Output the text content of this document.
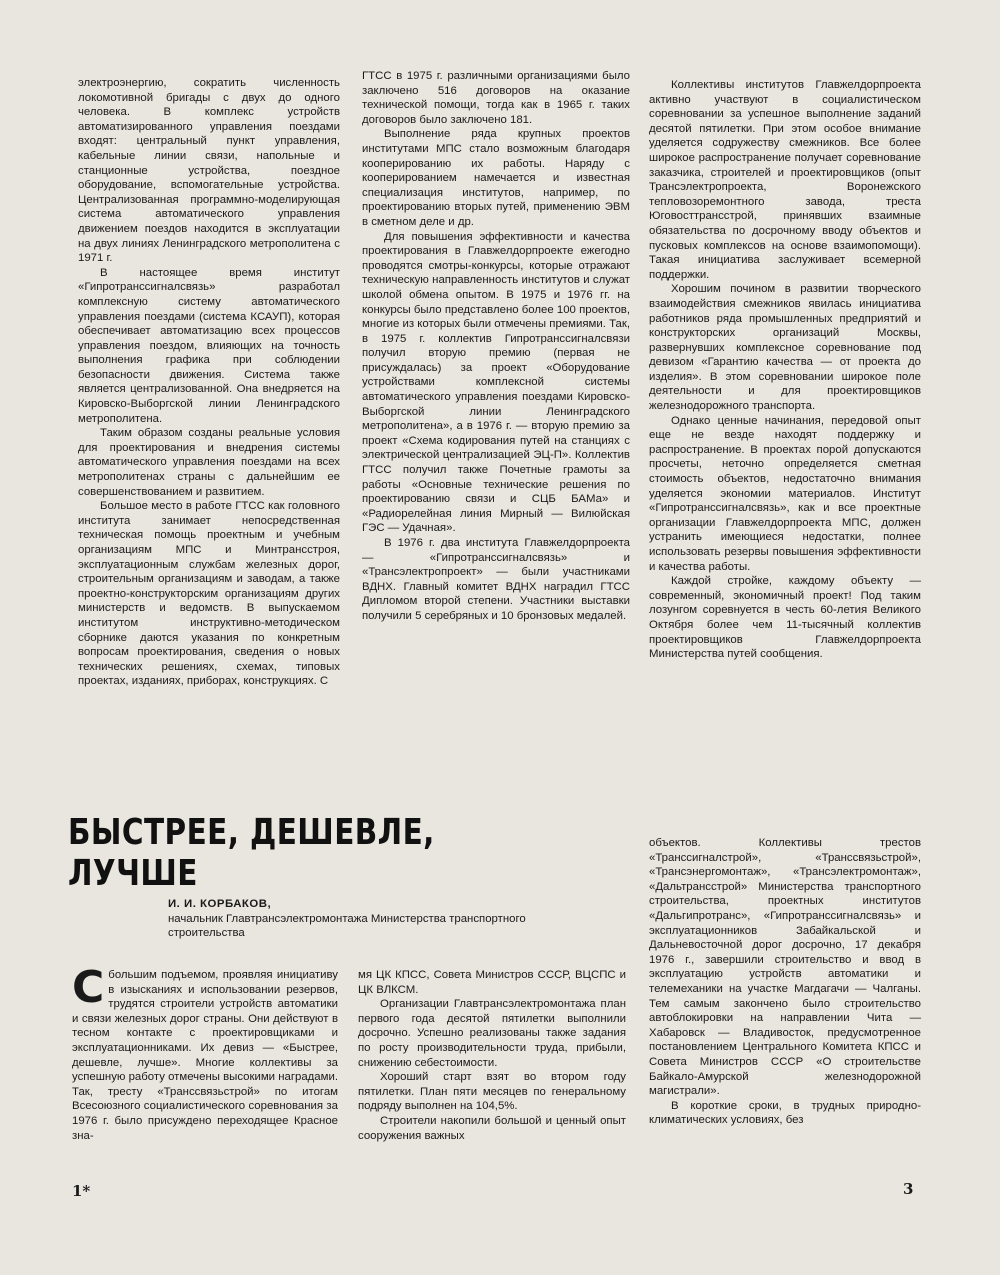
электроэнергию, сократить численность локомотивной бригады с двух до одного человека. В комплекс устройств автоматизированного управления поездами входят: центральный пункт управления, кабельные линии связи, напольные и станционные устройства, поездное оборудование, вспомогательные устройства. Централизованная программно-моделирующая система автоматического управления движением поездов находится в эксплуатации на двух линиях Ленинградского метрополитена с 1971 г.

В настоящее время институт «Гипротранссигналсвязь» разработал комплексную систему автоматического управления поездами (система КСАУП), которая обеспечивает автоматизацию всех процессов управления поездом, влияющих на точность выполнения графика при соблюдении безопасности движения. Система также является централизованной. Она внедряется на Кировско-Выборгской линии Ленинградского метрополитена.

Таким образом созданы реальные условия для проектирования и внедрения системы автоматического управления поездами на всех метрополитенах страны с дальнейшим ее совершенствованием и развитием.

Большое место в работе ГТСС как головного института занимает непосредственная техническая помощь проектным и учебным организациям МПС и Минтрансстроя, эксплуатационным службам железных дорог, строительным организациям и заводам, а также проектно-конструкторским организациям других министерств и ведомств. В выпускаемом институтом инструктивно-методическом сборнике даются указания по конкретным вопросам проектирования, сведения о новых технических решениях, схемах, типовых проектах, изданиях, приборах, конструкциях. С

ГТСС в 1975 г. различными организациями было заключено 516 договоров на оказание технической помощи, тогда как в 1965 г. таких договоров было заключено 181.

Выполнение ряда крупных проектов институтами МПС стало возможным благодаря кооперированию их работы. Наряду с кооперированием намечается и известная специализация институтов, например, по проектированию вторых путей, применению ЭВМ в сметном деле и др.

Для повышения эффективности и качества проектирования в Главжелдорпроекте ежегодно проводятся смотры-конкурсы, которые отражают техническую направленность институтов и служат школой обмена опытом. В 1975 и 1976 гг. на конкурсы было представлено более 100 проектов, многие из которых были отмечены премиями. Так, в 1975 г. коллектив Гипротранссигналсвязи получил вторую премию (первая не присуждалась) за проект «Оборудование устройствами комплексной системы автоматического управления поездами Кировско-Выборгской линии Ленинградского метрополитена», а в 1976 г. — вторую премию за проект «Схема кодирования путей на станциях с электрической централизацией ЭЦ-П». Коллектив ГТСС получил также Почетные грамоты за работы «Основные технические решения по проектированию связи и СЦБ БАМа» и «Радиорелейная линия Мирный — Вилюйская ГЭС — Удачная».

В 1976 г. два института Главжелдорпроекта — «Гипротранссигналсвязь» и «Трансэлектропроект» — были участниками ВДНХ. Главный комитет ВДНХ наградил ГТСС Дипломом второй степени. Участники выставки получили 5 серебряных и 10 бронзовых медалей.

Коллективы институтов Главжелдорпроекта активно участвуют в социалистическом соревновании за успешное выполнение заданий десятой пятилетки. При этом особое внимание уделяется содружеству смежников. Все более широкое распространение получает соревнование заказчика, строителей и проектировщиков (опыт Трансэлектропроекта, Воронежского тепловозоремонтного завода, треста Юговосттрансстрой, принявших взаимные обязательства по досрочному вводу объектов и пусковых комплексов на основе взаимопомощи). Такая инициатива заслуживает всемерной поддержки.

Хорошим почином в развитии творческого взаимодействия смежников явилась инициатива работников ряда промышленных предприятий и конструкторских организаций Москвы, развернувших комплексное соревнование под девизом «Гарантию качества — от проекта до изделия». В этом соревновании широкое поле деятельности и для проектировщиков железнодорожного транспорта.

Однако ценные начинания, передовой опыт еще не везде находят поддержку и распространение. В проектах порой допускаются просчеты, неточно определяется сметная стоимость объектов, недостаточно внимания уделяется экономии материалов. Институт «Гипротранссигналсвязь», как и все проектные организации Главжелдорпроекта МПС, должен устранить имеющиеся недостатки, полнее использовать резервы повышения эффективности и качества работы.

Каждой стройке, каждому объекту — современный, экономичный проект! Под таким лозунгом соревнуется в честь 60-летия Великого Октября более чем 11-тысячный коллектив проектировщиков Главжелдорпроекта Министерства путей сообщения.

БЫСТРЕЕ, ДЕШЕВЛЕ, ЛУЧШЕ
И. И. КОРБАКОВ,
начальник Главтрансэлектромонтажа Министерства транспортного строительства

Сбольшим подъемом, проявляя инициативу в изысканиях и использовании резервов, трудятся строители устройств автоматики и связи железных дорог страны. Они действуют в тесном контакте с проектировщиками и эксплуатационниками. Их девиз — «Быстрее, дешевле, лучше». Многие коллективы за успешную работу отмечены высокими наградами. Так, тресту «Транссвязьстрой» по итогам Всесоюзного социалистического соревнования за 1976 г. было присуждено переходящее Красное зна-

мя ЦК КПСС, Совета Министров СССР, ВЦСПС и ЦК ВЛКСМ.

Организации Главтрансэлектромонтажа план первого года десятой пятилетки выполнили досрочно. Успешно реализованы также задания по росту производительности труда, прибыли, снижению себестоимости.

Хороший старт взят во втором году пятилетки. План пяти месяцев по генеральному подряду выполнен на 104,5%.

Строители накопили большой и ценный опыт сооружения важных

объектов. Коллективы трестов «Транссигналстрой», «Транссвязьстрой», «Трансэнергомонтаж», «Трансэлектромонтаж», «Дальтрансстрой» Министерства транспортного строительства, проектных институтов «Дальгипротранс», «Гипротранссигналсвязь» и эксплуатационников Забайкальской и Дальневосточной дорог досрочно, 17 декабря 1976 г., завершили строительство и ввод в эксплуатацию устройств автоматики и телемеханики на участке Магдагачи — Чалганы. Тем самым закончено было строительство автоблокировки на направлении Чита — Хабаровск — Владивосток, предусмотренное постановлением Центрального Комитета КПСС и Совета Министров СССР «О строительстве Байкало-Амурской железнодорожной магистрали».

В короткие сроки, в трудных природно-климатических условиях, без

1*	3
